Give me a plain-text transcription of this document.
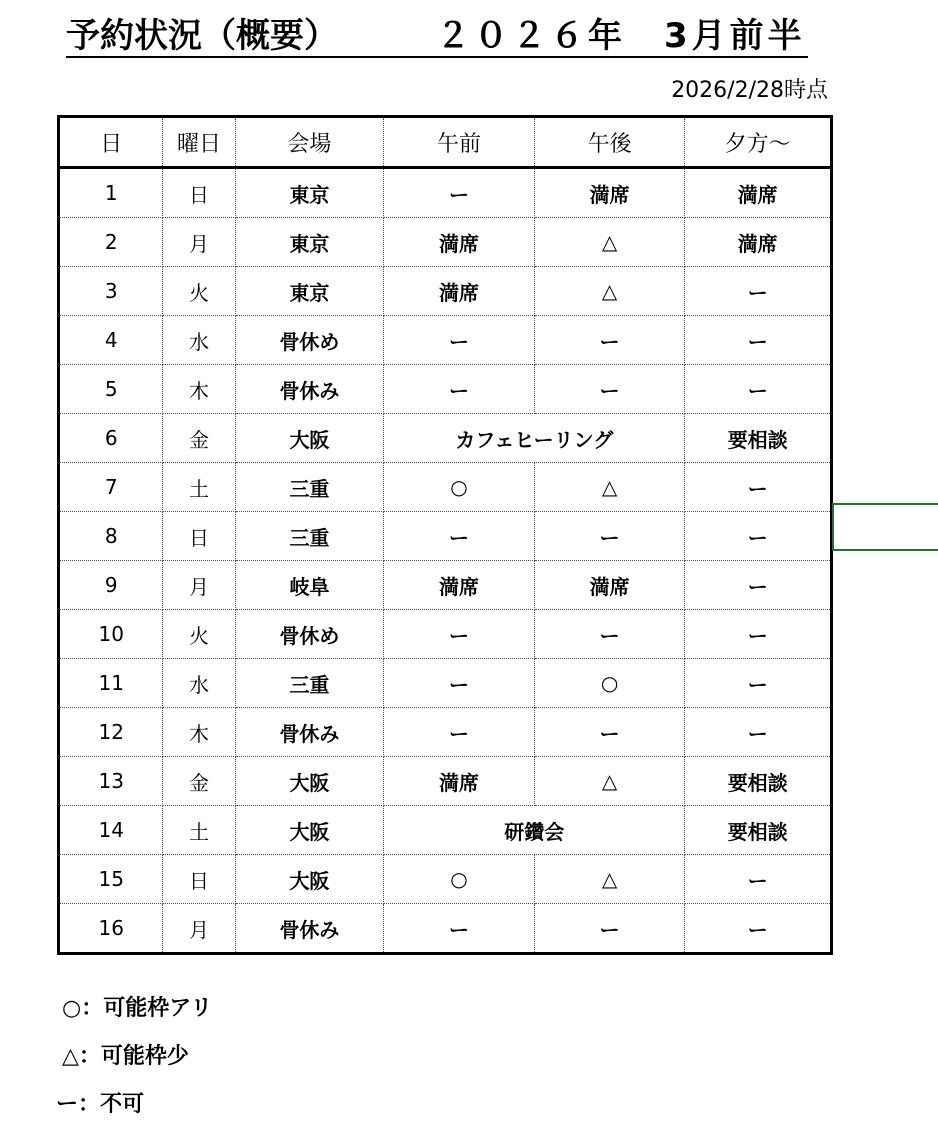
予約状況（概要）	２０２６年　3月前半
2026/2/28時点
日	曜日	会場	午前	午後	夕方～
1	日	東京	ー	満席	満席
2	月	東京	満席	△	満席
3	火	東京	満席	△	ー
4	水	骨休め	ー	ー	ー
5	木	骨休み	ー	ー	ー
6	金	大阪	カフェヒーリング		要相談
7	土	三重	○	△	ー
8	日	三重	ー	ー	ー
9	月	岐阜	満席	満席	ー
10	火	骨休め	ー	ー	ー
11	水	三重	ー	○	ー
12	木	骨休み	ー	ー	ー
13	金	大阪	満席	△	要相談
14	土	大阪	研鑽会		要相談
15	日	大阪	○	△	ー
16	月	骨休み	ー	ー	ー
○：可能枠アリ
△：可能枠少
ー：不可
